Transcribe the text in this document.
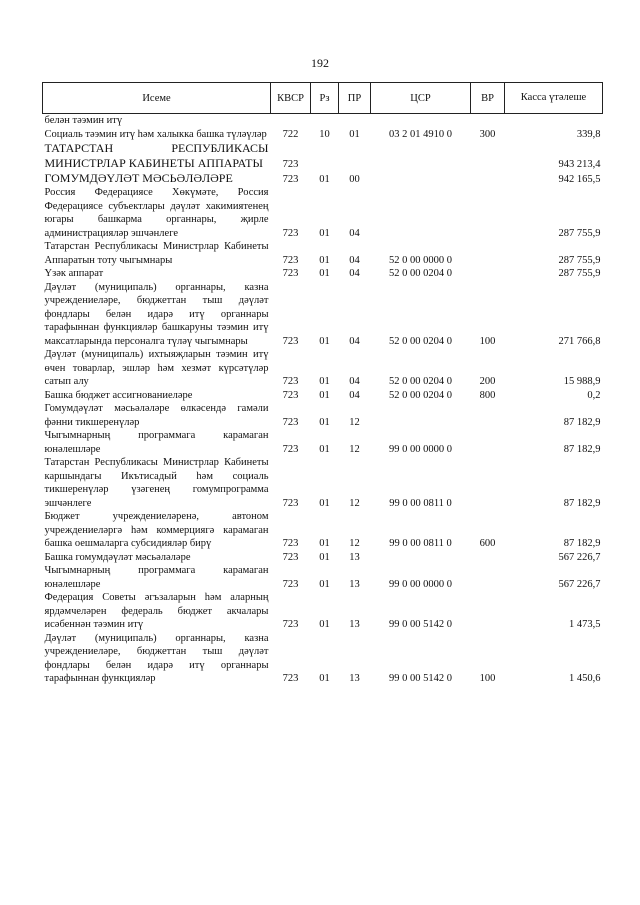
192
Исеме	КВСР	Рз	ПР	ЦСР	ВР	Касса үтәлеше
белән тәэмин итү						
Социаль тәэмин итү һәм халыкка башка түләүләр	722	10	01	03 2 01 4910 0	300	339,8
ТАТАРСТАН РЕСПУБЛИКАСЫ МИНИСТРЛАР КАБИНЕТЫ АППАРАТЫ	723					943 213,4
ГОМУМДӘҮЛӘТ МӘСЬӘЛӘЛӘРЕ	723	01	00			942 165,5
Россия Федерациясе Хөкүмәте, Россия Федерациясе субъектлары дәүләт хакимиятенең югары башкарма органнары, җирле администрацияләр эшчәнлеге	723	01	04			287 755,9
Татарстан Республикасы Министрлар Кабинеты Аппаратын тоту чыгымнары	723	01	04	52 0 00 0000 0		287 755,9
Үзәк аппарат	723	01	04	52 0 00 0204 0		287 755,9
Дәүләт (муниципаль) органнары, казна учреждениеләре, бюджеттан тыш дәүләт фондлары белән идарә итү органнары тарафыннан функцияләр башкаруны тәэмин итү максатларында персоналга түләү чыгымнары	723	01	04	52 0 00 0204 0	100	271 766,8
Дәүләт (муниципаль) ихтыяҗларын тәэмин итү өчен товарлар, эшләр һәм хезмәт күрсәтүләр сатып алу	723	01	04	52 0 00 0204 0	200	15 988,9
Башка бюджет ассигнованиеләре	723	01	04	52 0 00 0204 0	800	0,2
Гомумдәүләт мәсьәләләре өлкәсендә гамәли фәнни тикшеренүләр	723	01	12			87 182,9
Чыгымнарның программага карамаган юнәлешләре	723	01	12	99 0 00 0000 0		87 182,9
Татарстан Республикасы Министрлар Кабинеты каршындагы Икътисадый һәм социаль тикшеренүләр үзәгенең гомумпрограмма эшчәнлеге	723	01	12	99 0 00 0811 0		87 182,9
Бюджет учреждениеләренә, автоном учреждениеләргә һәм коммерциягә карамаган башка оешмаларга субсидияләр бирү	723	01	12	99 0 00 0811 0	600	87 182,9
Башка гомумдәүләт мәсьәләләре	723	01	13			567 226,7
Чыгымнарның программага карамаган юнәлешләре	723	01	13	99 0 00 0000 0		567 226,7
Федерация Советы әгъзаларын һәм аларның ярдәмчеләрен федераль бюджет акчалары исәбеннән тәэмин итү	723	01	13	99 0 00 5142 0		1 473,5
Дәүләт (муниципаль) органнары, казна учреждениеләре, бюджеттан тыш дәүләт фондлары белән идарә итү органнары тарафыннан функцияләр	723	01	13	99 0 00 5142 0	100	1 450,6
